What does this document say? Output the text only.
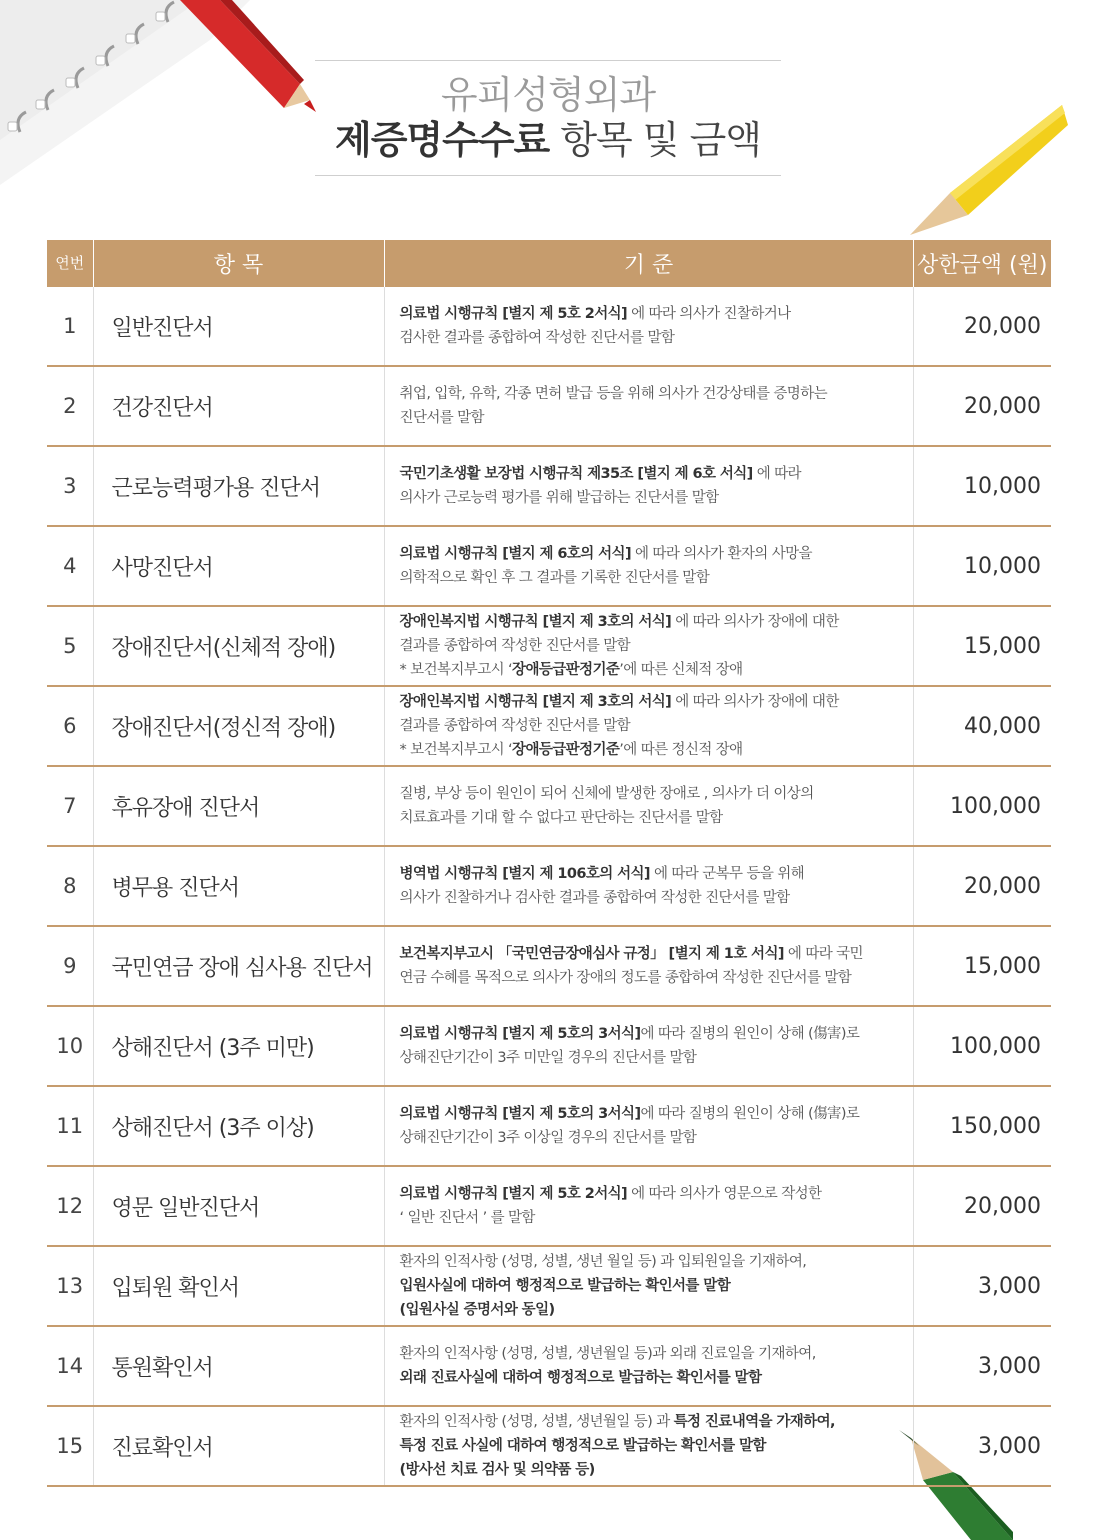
유피성형외과
제증명수수료 항목 및 금액
연번	항 목	기 준	상한금액 (원)
1	일반진단서	의료법 시행규칙 [별지 제 5호 2서식] 에 따라 의사가 진찰하거나
검사한 결과를 종합하여 작성한 진단서를 말함	20,000
2	건강진단서	취업, 입학, 유학, 각종 면허 발급 등을 위해 의사가 건강상태를 증명하는
진단서를 말함	20,000
3	근로능력평가용 진단서	국민기초생활 보장법 시행규칙 제35조 [별지 제 6호 서식] 에 따라
의사가 근로능력 평가를 위해 발급하는 진단서를 말함	10,000
4	사망진단서	의료법 시행규칙 [별지 제 6호의 서식] 에 따라 의사가 환자의 사망을
의학적으로 확인 후 그 결과를 기록한 진단서를 말함	10,000
5	장애진단서(신체적 장애)	장애인복지법 시행규칙 [별지 제 3호의 서식] 에 따라 의사가 장애에 대한
결과를 종합하여 작성한 진단서를 말함
* 보건복지부고시 ‘장애등급판정기준’에 따른 신체적 장애	15,000
6	장애진단서(정신적 장애)	장애인복지법 시행규칙 [별지 제 3호의 서식] 에 따라 의사가 장애에 대한
결과를 종합하여 작성한 진단서를 말함
* 보건복지부고시 ‘장애등급판정기준’에 따른 정신적 장애	40,000
7	후유장애 진단서	질병, 부상 등이 원인이 되어 신체에 발생한 장애로 , 의사가 더 이상의
치료효과를 기대 할 수 없다고 판단하는 진단서를 말함	100,000
8	병무용 진단서	병역법 시행규칙 [별지 제 106호의 서식] 에 따라 군복무 등을 위해
의사가 진찰하거나 검사한 결과를 종합하여 작성한 진단서를 말함	20,000
9	국민연금 장애 심사용 진단서	보건복지부고시 「국민연금장애심사 규정」 [별지 제 1호 서식] 에 따라 국민
연금 수혜를 목적으로 의사가 장애의 정도를 종합하여 작성한 진단서를 말함	15,000
10	상해진단서 (3주 미만)	의료법 시행규칙 [별지 제 5호의 3서식]에 따라 질병의 원인이 상해 (傷害)로
상해진단기간이 3주 미만일 경우의 진단서를 말함	100,000
11	상해진단서 (3주 이상)	의료법 시행규칙 [별지 제 5호의 3서식]에 따라 질병의 원인이 상해 (傷害)로
상해진단기간이 3주 이상일 경우의 진단서를 말함	150,000
12	영문 일반진단서	의료법 시행규칙 [별지 제 5호 2서식] 에 따라 의사가 영문으로 작성한
‘ 일반 진단서 ’ 를 말함	20,000
13	입퇴원 확인서	환자의 인적사항 (성명, 성별, 생년 월일 등) 과 입퇴원일을 기재하여,
입원사실에 대하여 행정적으로 발급하는 확인서를 말함
(입원사실 증명서와 동일)	3,000
14	통원확인서	환자의 인적사항 (성명, 성별, 생년월일 등)과 외래 진료일을 기재하여,
외래 진료사실에 대하여 행정적으로 발급하는 확인서를 말함	3,000
15	진료확인서	환자의 인적사항 (성명, 성별, 생년월일 등) 과 특정 진료내역을 가재하여,
특정 진료 사실에 대하여 행정적으로 발급하는 확인서를 말함
(방사선 치료 검사 및 의약품 등)	3,000
